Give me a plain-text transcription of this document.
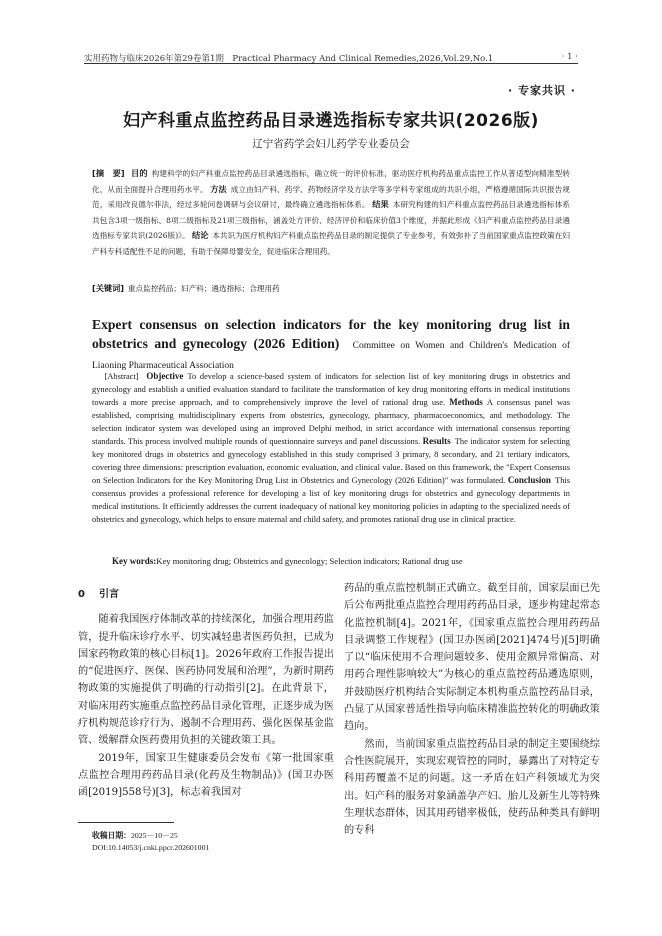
实用药物与临床2026年第29卷第1期 Practical Pharmacy And Clinical Remedies,2026,Vol.29,No.1	· 1 ·
· 专家共识 ·
妇产科重点监控药品目录遴选指标专家共识(2026版)
辽宁省药学会妇儿药学专业委员会
[摘 要]  目的  构建科学的妇产科重点监控药品目录遴选指标，确立统一的评价标准，驱动医疗机构药品重点监控工作从普适型向精准型转化，从而全面提升合理用药水平。 方法  成立由妇产科、药学、药物经济学及方法学等多学科专家组成的共识小组，严格遵循国际共识报告规范，采用改良德尔菲法，经过多轮问卷调研与会议研讨，最终确立遴选指标体系。 结果  本研究构建的妇产科重点监控药品目录遴选指标体系共包含3项一级指标、8项二级指标及21项三级指标，涵盖处方评价、经济评价和临床价值3个维度，并据此形成《妇产科重点监控药品目录遴选指标专家共识(2026版)》。 结论  本共识为医疗机构妇产科重点监控药品目录的制定提供了专业参考，有效弥补了当前国家重点监控政策在妇产科专科适配性不足的问题，有助于保障母婴安全，促进临床合理用药。
[关键词]  重点监控药品；妇产科；遴选指标；合理用药
Expert consensus on selection indicators for the key monitoring drug list in obstetrics and gynecology (2026 Edition)  Committee on Women and Children's Medication of Liaoning Pharmaceutical Association
  [Abstract]  Objective  To develop a science-based system of indicators for selection list of key monitoring drugs in obstetrics and gynecology and establish a unified evaluation standard to facilitate the transformation of key drug monitoring efforts in medical institutions towards a more precise approach, and to comprehensively improve the level of rational drug use. Methods  A consensus panel was established, comprising multidisciplinary experts from obstetrics, gynecology, pharmacy, pharmacoeconomics, and methodology. The selection indicator system was developed using an improved Delphi method, in strict accordance with international consensus reporting standards. This process involved multiple rounds of questionnaire surveys and panel discussions. Results  The indicator system for selecting key monitored drugs in obstetrics and gynecology established in this study comprised 3 primary, 8 secondary, and 21 tertiary indicators, covering three dimensions: prescription evaluation, economic evaluation, and clinical value. Based on this framework, the "Expert Consensus on Selection Indicators for the Key Monitoring Drug List in Obstetrics and Gynecology (2026 Edition)" was formulated. Conclusion  This consensus provides a professional reference for developing a list of key monitoring drugs for obstetrics and gynecology departments in medical institutions. It efficiently addresses the current inadequacy of national key monitoring policies in adapting to the specialized needs of obstetrics and gynecology, which helps to ensure maternal and child safety, and promotes rational drug use in clinical practice.
Key words:Key monitoring drug; Obstetrics and gynecology; Selection indicators; Rational drug use
0 引言

随着我国医疗体制改革的持续深化，加强合理用药监管，提升临床诊疗水平、切实减轻患者医药负担，已成为国家药物政策的核心目标[1]。2026年政府工作报告提出的“促进医疗、医保、医药协同发展和治理”，为新时期药物政策的实施提供了明确的行动指引[2]。在此背景下，对临床用药实施重点监控药品目录化管理，正逐步成为医疗机构规范诊疗行为、遏制不合理用药、强化医保基金监管、缓解群众医药费用负担的关键政策工具。

2019年，国家卫生健康委员会发布《第一批国家重点监控合理用药药品目录(化药及生物制品)》(国卫办医函[2019]558号)[3]，标志着我国对

药品的重点监控机制正式确立。截至目前，国家层面已先后公布两批重点监控合理用药药品目录，逐步构建起常态化监控机制[4]。2021年，《国家重点监控合理用药药品目录调整工作规程》(国卫办医函[2021]474号)[5]明确了以“临床使用不合理问题较多、使用金额异常偏高、对用药合理性影响较大”为核心的重点监控药品遴选原则，并鼓励医疗机构结合实际制定本机构重点监控药品目录，凸显了从国家普适性指导向临床精准监控转化的明确政策趋向。

然而，当前国家重点监控药品目录的制定主要围绕综合性医院展开，实现宏观管控的同时，暴露出了对特定专科用药覆盖不足的问题。这一矛盾在妇产科领域尤为突出。妇产科的服务对象涵盖孕产妇、胎儿及新生儿等特殊生理状态群体，因其用药错率极低，使药品种类具有鲜明的专科

收稿日期：2025－10－25
DOI:10.14053/j.cnki.ppcr.202601001
